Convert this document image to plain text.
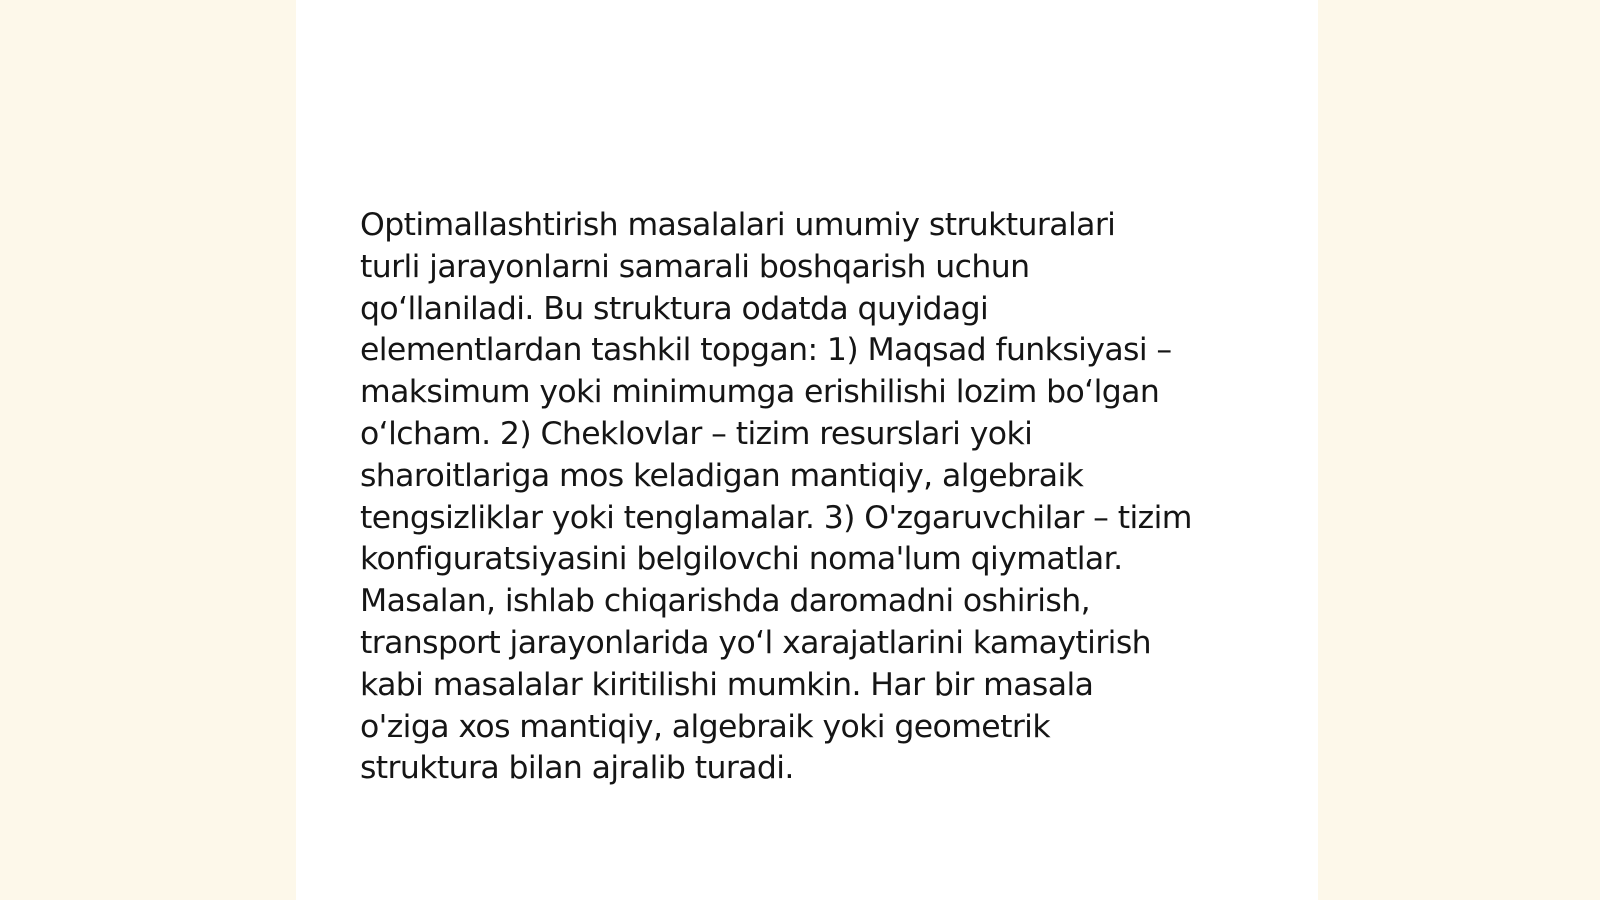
Optimallashtirish masalalari umumiy strukturalari
turli jarayonlarni samarali boshqarish uchun
qo‘llaniladi. Bu struktura odatda quyidagi
elementlardan tashkil topgan: 1) Maqsad funksiyasi –
maksimum yoki minimumga erishilishi lozim bo‘lgan
o‘lcham. 2) Cheklovlar – tizim resurslari yoki
sharoitlariga mos keladigan mantiqiy, algebraik
tengsizliklar yoki tenglamalar. 3) O'zgaruvchilar – tizim
konfiguratsiyasini belgilovchi noma'lum qiymatlar.
Masalan, ishlab chiqarishda daromadni oshirish,
transport jarayonlarida yo‘l xarajatlarini kamaytirish
kabi masalalar kiritilishi mumkin. Har bir masala
o'ziga xos mantiqiy, algebraik yoki geometrik
struktura bilan ajralib turadi.
